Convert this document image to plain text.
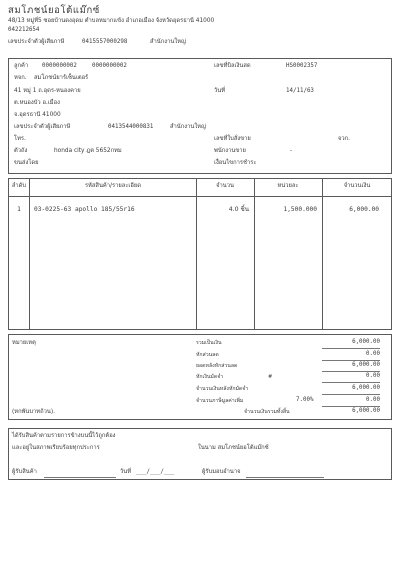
สมโภชน์ยอโต้แม๊กซ์
48/13 หมู่ที่5 ซอยบ้านดงอุดม ตำบลหมากแข้ง อำเภอเมือง จังหวัดอุดรธานี 41000
042212654
เลขประจำตัวผู้เสียภาษี	0415557000298	สำนักงานใหญ่
ลูกค้า 0000000002	0000000002
หจก. สมโภชน์ยาร์เซ็นเตอร์
41 หมู่ 1 ถ.อุดร-หนองคาย
ต.หนองบัว อ.เมือง
จ.อุดรธานี 41000
เลขประจำตัวผู้เสียภาษี	0413544000831	สำนักงานใหญ่
โทร.
ตัวถัง	honda city ฎต 5652กทม
ขนส่งโดย
เลขที่บิลเงินสด	HS0002357
วันที่	14/11/63
เลขที่ใบสั่งขาย	จวก.
พนักงานขาย	-
เงื่อนไขการชำระ
ลำดับ	รหัสสินค้า/รายละเอียด	จำนวน	หน่วยละ	จำนวนเงิน
1	03-0225-63 apollo 185/55r16	4.0 ชิ้น	1,500.000	6,000.00
หมายเหตุ
(หกพันบาทถ้วน).
รวมเป็นเงิน	6,000.00
หักส่วนลด	0.00
ยอดหลังหักส่วนลด	6,000.00
หักเงินมัดจำ	#	0.00
จำนวนเงินหลังหักมัดจำ	6,000.00
จำนวนภาษีมูลค่าเพิ่ม	7.00%	0.00
จำนวนเงินรวมทั้งสิ้น	6,000.00
ได้รับสินค้าตามรายการข้างบนนี้ไว้ถูกต้อง
และอยู่ในสภาพเรียบร้อยทุกประการ	ในนาม สมโภชน์ยอโต้แม๊กซ์
ผู้รับสินค้า	วันที่ ___/___/___	ผู้รับมอบอำนาจ
